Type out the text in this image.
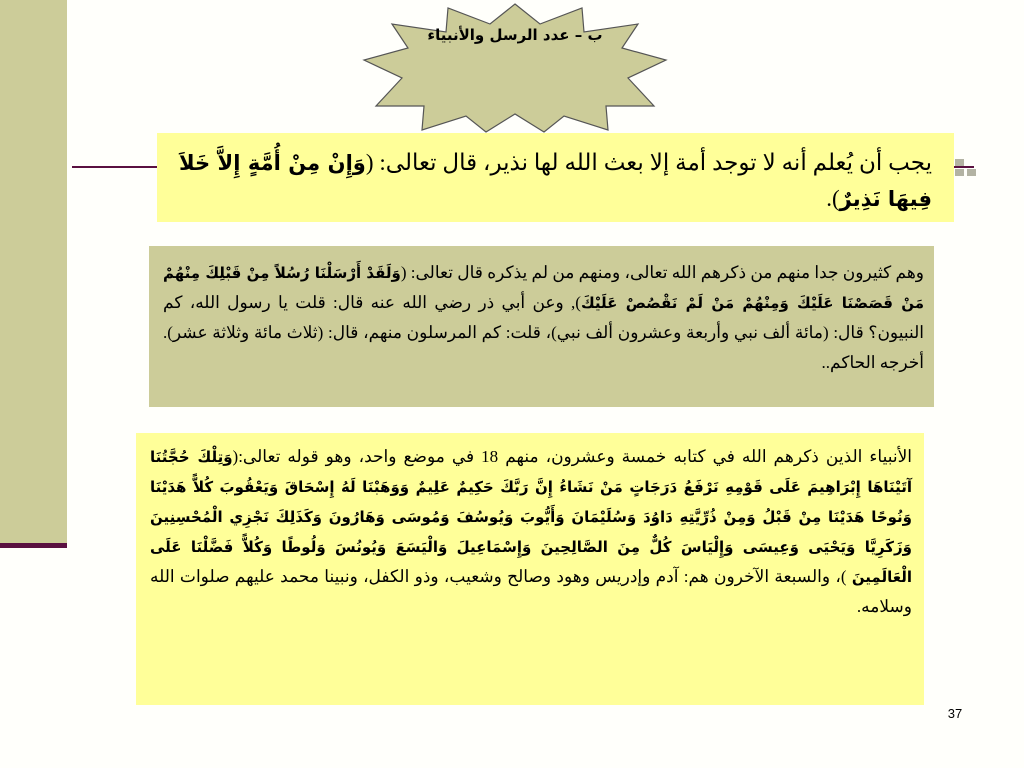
ب – عدد الرسل والأنبياء
يجب أن يُعلم أنه لا توجد أمة إلا بعث الله لها نذير، قال تعالى: (وَإِنْ مِنْ أُمَّةٍ إِلاَّ خَلاَ فِيهَا نَذِيرٌ).
وهم كثيرون جدا منهم من ذكرهم الله تعالى، ومنهم من لم يذكره قال تعالى: (وَلَقَدْ أَرْسَلْنَا رُسُلاً مِنْ قَبْلِكَ مِنْهُمْ مَنْ قَصَصْنَا عَلَيْكَ وَمِنْهُمْ مَنْ لَمْ نَقْصُصْ عَلَيْكَ), وعن أبي ذر رضي الله عنه قال: قلت يا رسول الله، كم النبيون؟ قال: (مائة ألف نبي وأربعة وعشرون ألف نبي)، قلت: كم المرسلون منهم، قال: (ثلاث مائة وثلاثة عشر). أخرجه الحاكم..
الأنبياء الذين ذكرهم الله في كتابه خمسة وعشرون، منهم 18 في موضع واحد، وهو قوله تعالى:(وَتِلْكَ حُجَّتُنَا آتَيْنَاهَا إِبْرَاهِيمَ عَلَى قَوْمِهِ نَرْفَعُ دَرَجَاتٍ مَنْ نَشَاءُ إِنَّ رَبَّكَ حَكِيمٌ عَلِيمٌ وَوَهَبْنَا لَهُ إِسْحَاقَ وَيَعْقُوبَ كُلاًّ هَدَيْنَا وَنُوحًا هَدَيْنَا مِنْ قَبْلُ وَمِنْ ذُرِّيَّتِهِ دَاوُدَ وَسُلَيْمَانَ وَأَيُّوبَ وَيُوسُفَ وَمُوسَى وَهَارُونَ وَكَذَلِكَ نَجْزِي الْمُحْسِنِينَ وَزَكَرِيَّا وَيَحْيَى وَعِيسَى وَإِلْيَاسَ كُلٌّ مِنَ الصَّالِحِينَ وَإِسْمَاعِيلَ وَالْيَسَعَ وَيُونُسَ وَلُوطًا وَكُلاًّ فَضَّلْنَا عَلَى الْعَالَمِينَ )، والسبعة الآخرون هم: آدم وإدريس وهود وصالح وشعيب، وذو الكفل، ونبينا محمد عليهم صلوات الله وسلامه.
37
